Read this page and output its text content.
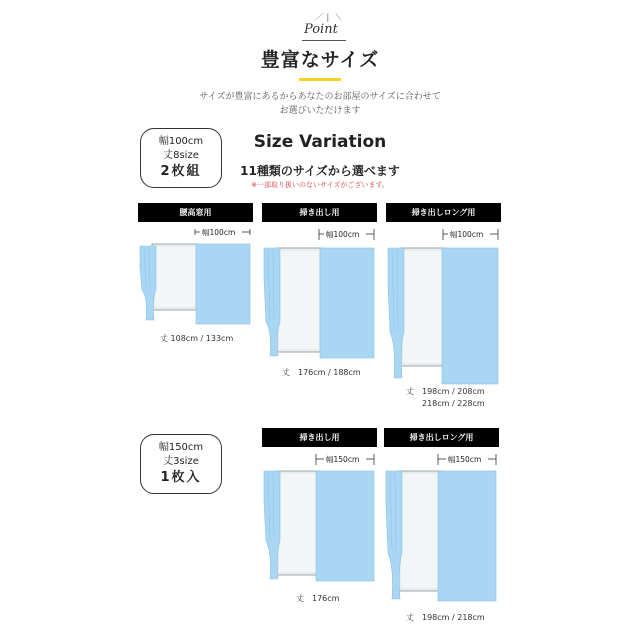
／ | ＼
Point
豊富なサイズ
サイズが豊富にあるからあなたのお部屋のサイズに合わせて
お選びいただけます
Size Variation
11種類のサイズから選べます
※一部取り扱いのないサイズがございます。
幅100cm
丈8size
2枚組
腰高窓用	掃き出し用	掃き出しロング用
幅100cm	幅100cm	幅100cm
丈 108cm / 133cm
丈　176cm / 188cm
丈　198cm / 208cm
　　218cm / 228cm
幅150cm
丈3size
1枚入
掃き出し用	掃き出しロング用
幅150cm	幅150cm
丈　176cm
丈　198cm / 218cm
